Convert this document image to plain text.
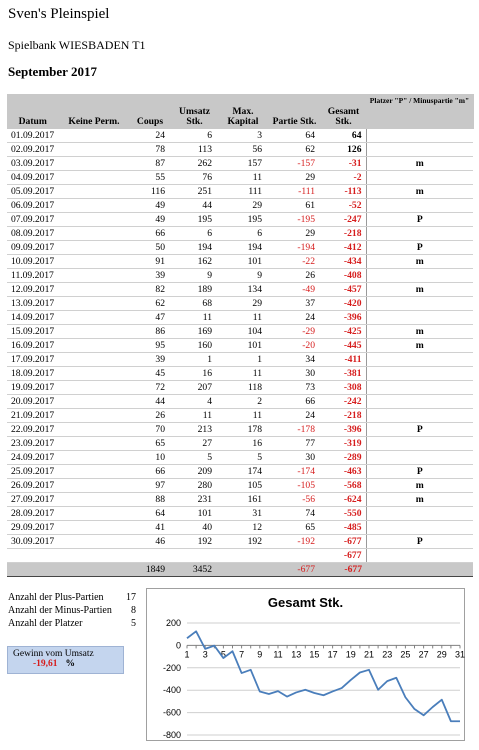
Sven's Pleinspiel
Spielbank WIESBADEN T1
September 2017
Datum	Keine Perm.	Coups	Umsatz Stk.	Max. Kapital	Partie Stk.	Gesamt Stk.	Platzer "P" / Minuspartie "m"
01.09.2017		24	6	3	64	64	
02.09.2017		78	113	56	62	126	
03.09.2017		87	262	157	-157	-31	m
04.09.2017		55	76	11	29	-2	
05.09.2017		116	251	111	-111	-113	m
06.09.2017		49	44	29	61	-52	
07.09.2017		49	195	195	-195	-247	P
08.09.2017		66	6	6	29	-218	
09.09.2017		50	194	194	-194	-412	P
10.09.2017		91	162	101	-22	-434	m
11.09.2017		39	9	9	26	-408	
12.09.2017		82	189	134	-49	-457	m
13.09.2017		62	68	29	37	-420	
14.09.2017		47	11	11	24	-396	
15.09.2017		86	169	104	-29	-425	m
16.09.2017		95	160	101	-20	-445	m
17.09.2017		39	1	1	34	-411	
18.09.2017		45	16	11	30	-381	
19.09.2017		72	207	118	73	-308	
20.09.2017		44	4	2	66	-242	
21.09.2017		26	11	11	24	-218	
22.09.2017		70	213	178	-178	-396	P
23.09.2017		65	27	16	77	-319	
24.09.2017		10	5	5	30	-289	
25.09.2017		66	209	174	-174	-463	P
26.09.2017		97	280	105	-105	-568	m
27.09.2017		88	231	161	-56	-624	m
28.09.2017		64	101	31	74	-550	
29.09.2017		41	40	12	65	-485	
30.09.2017		46	192	192	-192	-677	P
						-677	
		1849	3452		-677	-677	
Anzahl der Plus-Partien 17
Anzahl der Minus-Partien 8
Anzahl der Platzer	5
Gewinn vom Umsatz
-19,61 %
Gesamt Stk.
200
0
-200
-400
-600
-800
1 3 5 7 9 11 13 15 17 19 21 23 25 27 29 31
